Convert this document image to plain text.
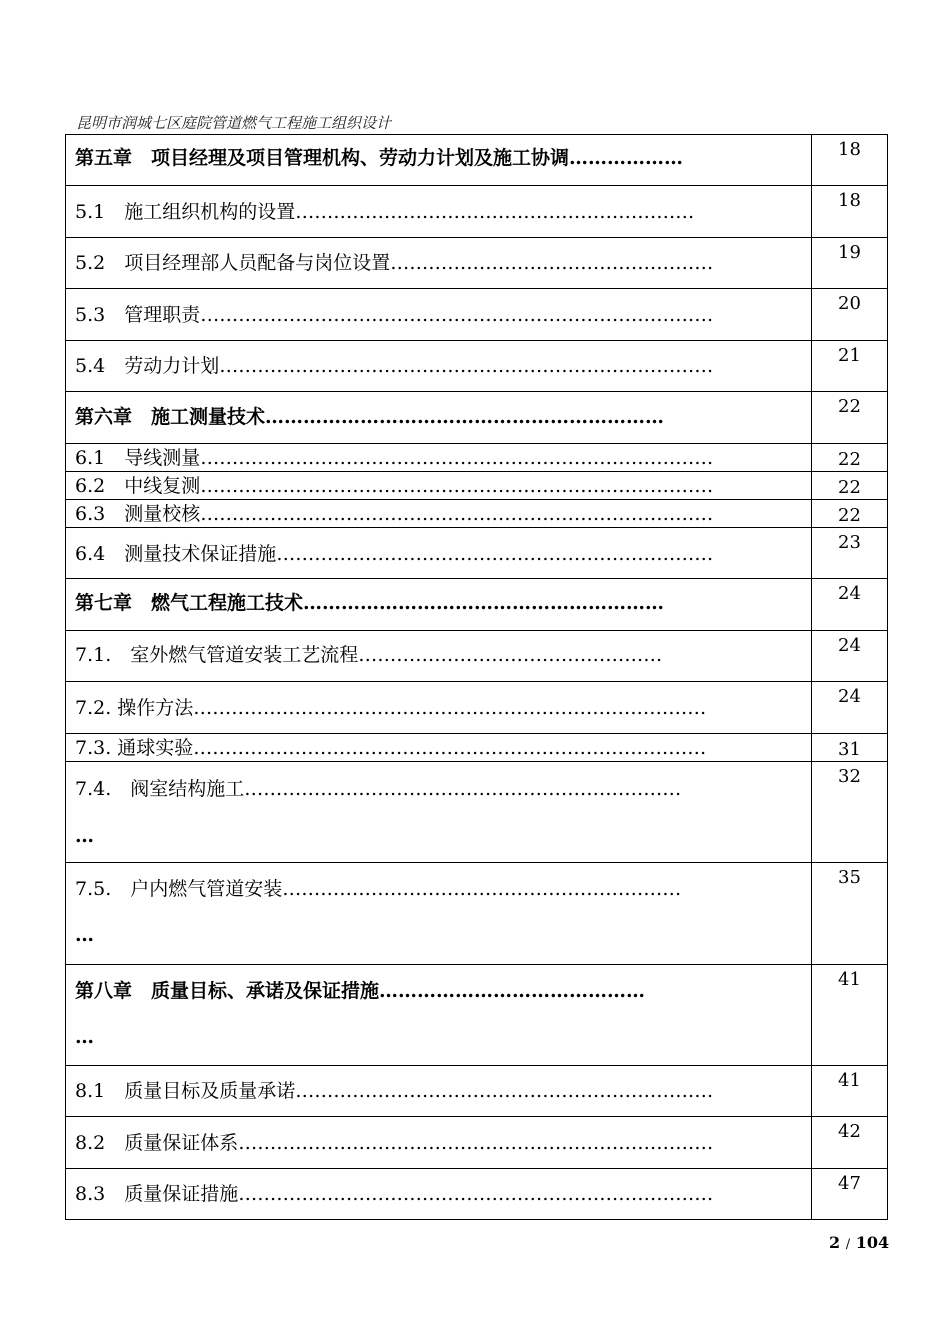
昆明市润城七区庭院管道燃气工程施工组织设计
第五章　项目经理及项目管理机构、劳动力计划及施工协调………………	18

5.1　施工组织机构的设置………………………………………………………	18

5.2　项目经理部人员配备与岗位设置……………………………………………	19

5.3　管理职责………………………………………………………………………	20

5.4　劳动力计划……………………………………………………………………	21

第六章　施工测量技术………………………………………………………	22

6.1　导线测量………………………………………………………………………	22

6.2　中线复测………………………………………………………………………	22

6.3　测量校核………………………………………………………………………	22

6.4　测量技术保证措施……………………………………………………………	23

第七章　燃气工程施工技术…………………………………………………	24

7.1.　室外燃气管道安装工艺流程…………………………………………	24

7.2. 操作方法………………………………………………………………………	24

7.3. 通球实验………………………………………………………………………	31

7.4.　阀室结构施工……………………………………………………………
…	32

7.5.　户内燃气管道安装………………………………………………………
…	35

第八章　质量目标、承诺及保证措施……………………………………
…	41

8.1　质量目标及质量承诺…………………………………………………………	41

8.2　质量保证体系…………………………………………………………………	42

8.3　质量保证措施…………………………………………………………………	47
2 / 104
